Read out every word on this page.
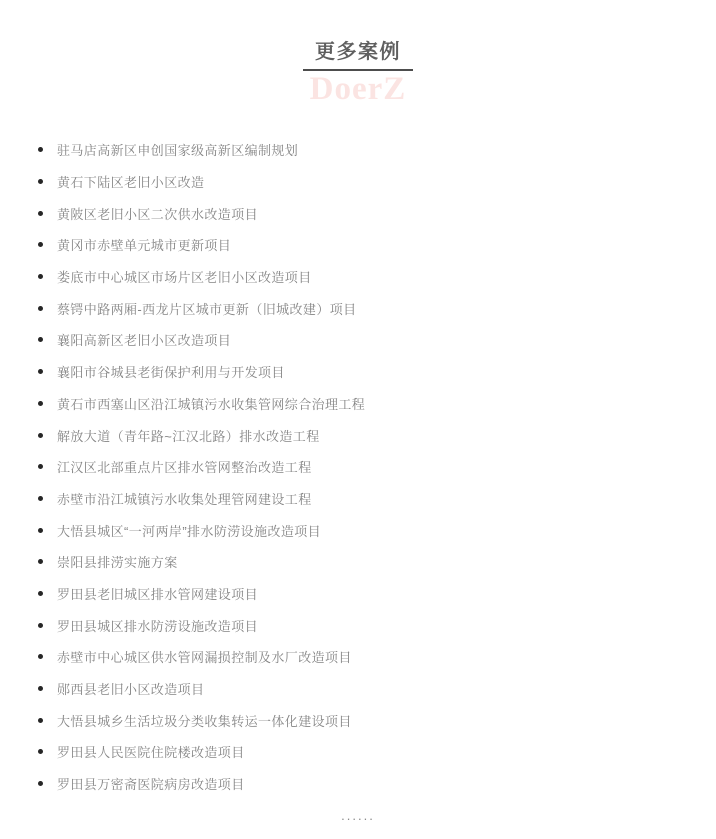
更多案例
DoerZ
驻马店高新区申创国家级高新区编制规划
黄石下陆区老旧小区改造
黄陂区老旧小区二次供水改造项目
黄冈市赤壁单元城市更新项目
娄底市中心城区市场片区老旧小区改造项目
蔡锷中路两厢-西龙片区城市更新（旧城改建）项目
襄阳高新区老旧小区改造项目
襄阳市谷城县老街保护利用与开发项目
黄石市西塞山区沿江城镇污水收集管网综合治理工程
解放大道（青年路~江汉北路）排水改造工程
江汉区北部重点片区排水管网整治改造工程
赤壁市沿江城镇污水收集处理管网建设工程
大悟县城区“一河两岸”排水防涝设施改造项目
崇阳县排涝实施方案
罗田县老旧城区排水管网建设项目
罗田县城区排水防涝设施改造项目
赤壁市中心城区供水管网漏损控制及水厂改造项目
郧西县老旧小区改造项目
大悟县城乡生活垃圾分类收集转运一体化建设项目
罗田县人民医院住院楼改造项目
罗田县万密斋医院病房改造项目
......
